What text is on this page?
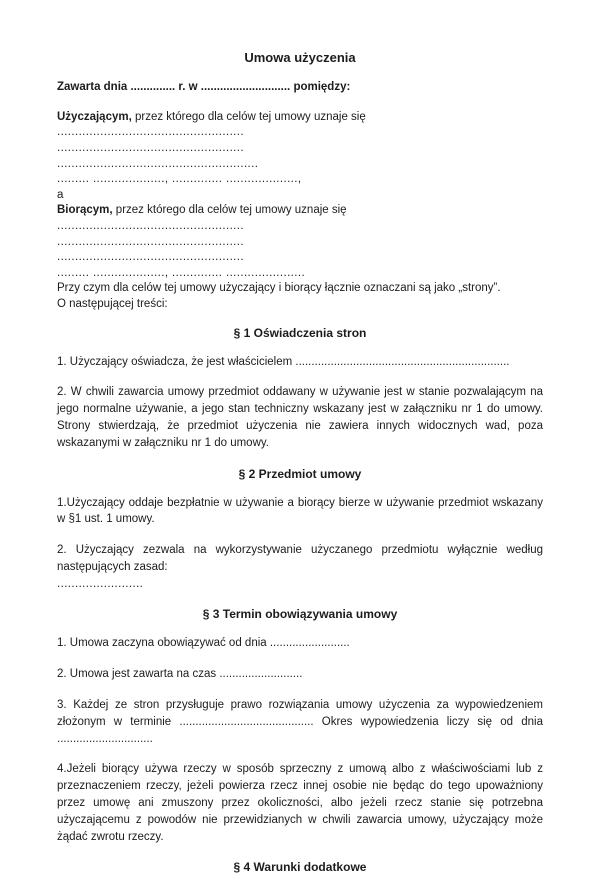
Umowa użyczenia

Zawarta dnia .............. r. w ............................ pomiędzy:

Użyczającym, przez którego dla celów tej umowy uznaje się

....................................................

....................................................

........................................................

......... ...................., .............. ....................,

a

Biorącym, przez którego dla celów tej umowy uznaje się

....................................................

....................................................

....................................................

......... ...................., .............. ......................

Przy czym dla celów tej umowy użyczający i biorący łącznie oznaczani są jako „strony”.

O następującej treści:

§ 1 Oświadczenia stron

1. Użyczający oświadcza, że jest właścicielem ...................................................................

2. W chwili zawarcia umowy przedmiot oddawany w używanie jest w stanie pozwalającym na jego normalne używanie, a jego stan techniczny wskazany jest w załączniku nr 1 do umowy. Strony stwierdzają, że przedmiot użyczenia nie zawiera innych widocznych wad, poza wskazanymi w załączniku nr 1 do umowy.

§ 2 Przedmiot umowy

1.Użyczający oddaje bezpłatnie w używanie a biorący bierze w używanie przedmiot wskazany w §1 ust. 1 umowy.

2. Użyczający zezwala na wykorzystywanie użyczanego przedmiotu wyłącznie według następujących zasad:

........................

§ 3 Termin obowiązywania umowy

1. Umowa zaczyna obowiązywać od dnia .........................

2. Umowa jest zawarta na czas ..........................

3. Każdej ze stron przysługuje prawo rozwiązania umowy użyczenia za wypowiedzeniem złożonym w terminie .......................................... Okres wypowiedzenia liczy się od dnia ..............................

4.Jeżeli biorący używa rzeczy w sposób sprzeczny z umową albo z właściwościami lub z przeznaczeniem rzeczy, jeżeli powierza rzecz innej osobie nie będąc do tego upoważniony przez umowę ani zmuszony przez okoliczności, albo jeżeli rzecz stanie się potrzebna użyczającemu z powodów nie przewidzianych w chwili zawarcia umowy, użyczający może żądać zwrotu rzeczy.

§ 4 Warunki dodatkowe
